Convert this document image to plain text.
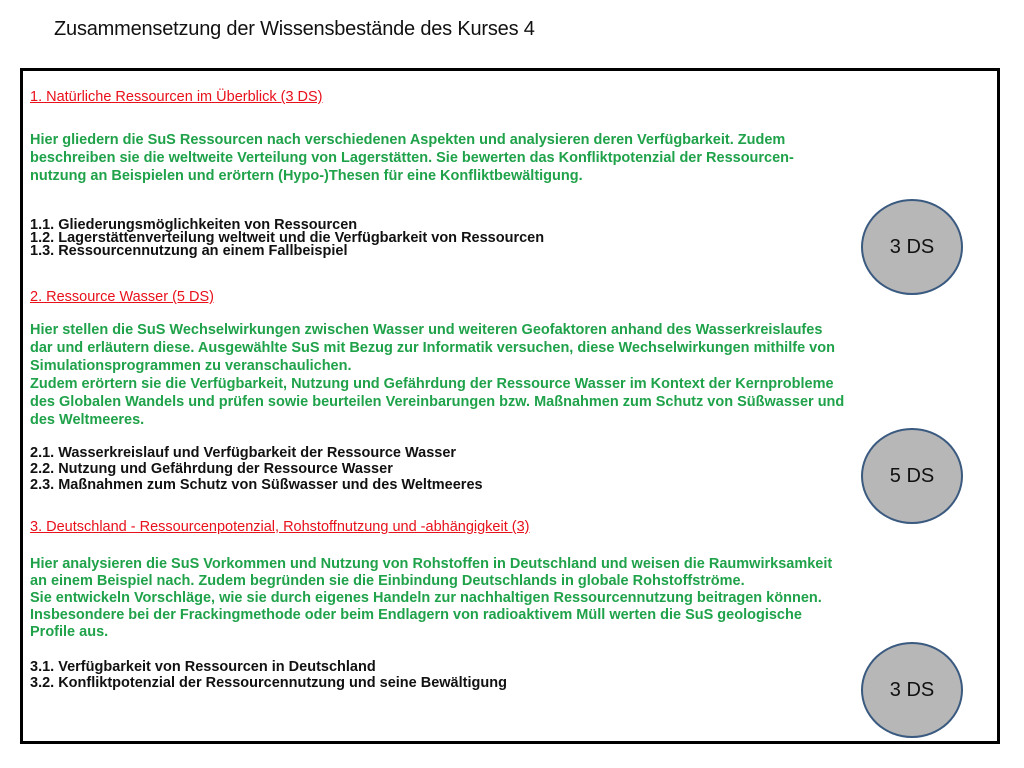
Zusammensetzung der Wissensbestände des Kurses 4

1. Natürliche Ressourcen im Überblick (3 DS)

Hier gliedern die SuS Ressourcen nach verschiedenen Aspekten und analysieren deren Verfügbarkeit. Zudem
beschreiben sie die weltweite Verteilung von Lagerstätten. Sie bewerten das Konfliktpotenzial der Ressourcen-
nutzung an Beispielen und erörtern (Hypo-)Thesen für eine Konfliktbewältigung.

1.1. Gliederungsmöglichkeiten von Ressourcen
1.2. Lagerstättenverteilung weltweit und die Verfügbarkeit von Ressourcen
1.3. Ressourcennutzung an einem Fallbeispiel	3 DS

2. Ressource Wasser (5 DS)

Hier stellen die SuS Wechselwirkungen zwischen Wasser und weiteren Geofaktoren anhand des Wasserkreislaufes
dar und erläutern diese. Ausgewählte SuS mit Bezug zur Informatik versuchen, diese Wechselwirkungen mithilfe von
Simulationsprogrammen zu veranschaulichen.
Zudem erörtern sie die Verfügbarkeit, Nutzung und Gefährdung der Ressource Wasser im Kontext der Kernprobleme
des Globalen Wandels und prüfen sowie beurteilen Vereinbarungen bzw. Maßnahmen zum Schutz von Süßwasser und
des Weltmeeres.

2.1. Wasserkreislauf und Verfügbarkeit der Ressource Wasser
2.2. Nutzung und Gefährdung der Ressource Wasser
2.3. Maßnahmen zum Schutz von Süßwasser und des Weltmeeres	5 DS

3. Deutschland - Ressourcenpotenzial, Rohstoffnutzung und -abhängigkeit (3)

Hier analysieren die SuS Vorkommen und Nutzung von Rohstoffen in Deutschland und weisen die Raumwirksamkeit
an einem Beispiel nach. Zudem begründen sie die Einbindung Deutschlands in globale Rohstoffströme.
Sie entwickeln Vorschläge, wie sie durch eigenes Handeln zur nachhaltigen Ressourcennutzung beitragen können.
Insbesondere bei der Frackingmethode oder beim Endlagern von radioaktivem Müll werten die SuS geologische
Profile aus.

3.1. Verfügbarkeit von Ressourcen in Deutschland
3.2. Konfliktpotenzial der Ressourcennutzung und seine Bewältigung	3 DS
